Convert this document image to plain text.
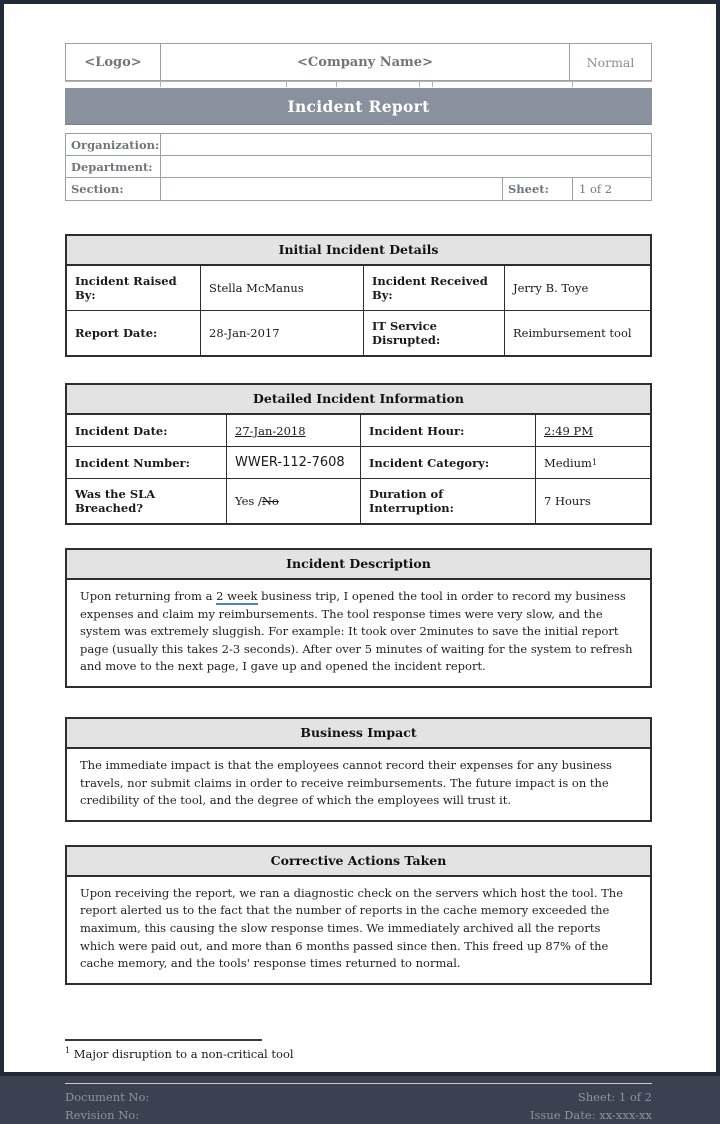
<Logo>	<Company Name>	Normal
Incident Report
Organization:
Department:
Section:	Sheet:	1 of 2
Initial Incident Details
Incident Raised By:	Stella McManus	Incident Received By:	Jerry B. Toye
Report Date:	28-Jan-2017	IT Service Disrupted:	Reimbursement tool
Detailed Incident Information
Incident Date:	27-Jan-2018	Incident Hour:	2:49 PM
Incident Number:	WWER-112-7608	Incident Category:	Medium 1
Was the SLA Breached?	Yes / No	Duration of Interruption:	7 Hours
Incident Description
Upon returning from a 2 week business trip, I opened the tool in order to record my business expenses and claim my reimbursements. The tool response times were very slow, and the system was extremely sluggish. For example: It took over 2minutes to save the initial report page (usually this takes 2-3 seconds). After over 5 minutes of waiting for the system to refresh and move to the next page, I gave up and opened the incident report.
Business Impact
The immediate impact is that the employees cannot record their expenses for any business travels, nor submit claims in order to receive reimbursements. The future impact is on the credibility of the tool, and the degree of which the employees will trust it.
Corrective Actions Taken
Upon receiving the report, we ran a diagnostic check on the servers which host the tool. The report alerted us to the fact that the number of reports in the cache memory exceeded the maximum, this causing the slow response times. We immediately archived all the reports which were paid out, and more than 6 months passed since then. This freed up 87% of the cache memory, and the tools' response times returned to normal.
$^1$ Major disruption to a non-critical tool
Document No:
Revision No:
Sheet: 1 of 2
Issue Date: xx-xxx-xx
